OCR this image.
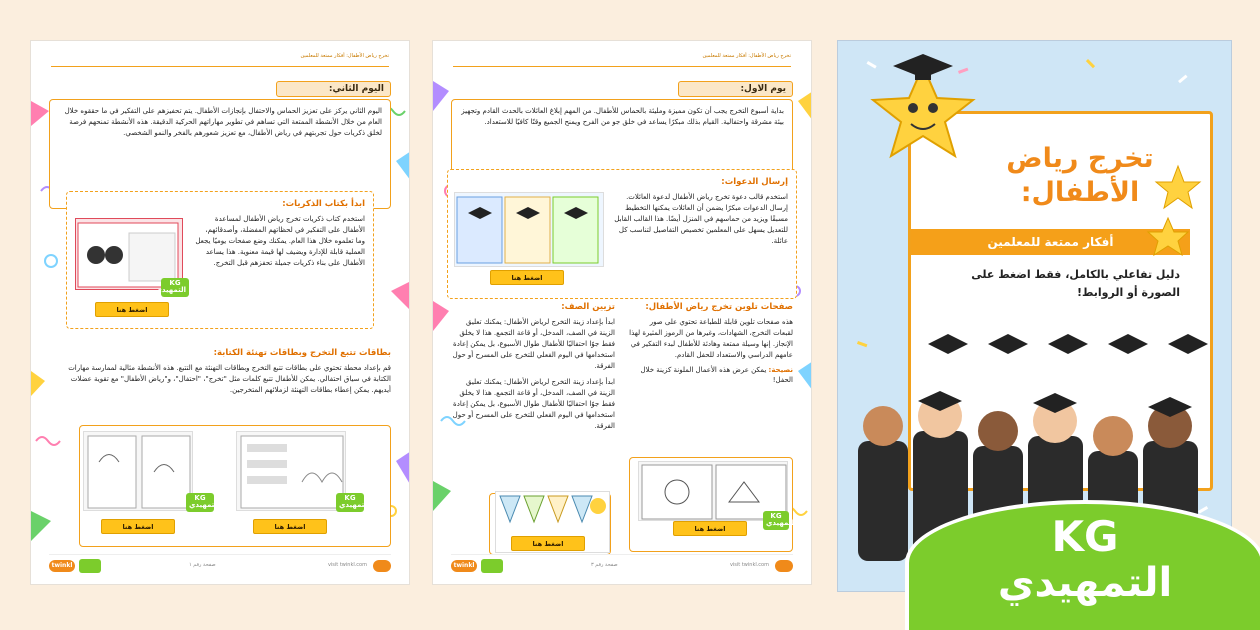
تخرج رياض الأطفال: أفكار ممتعة للمعلمين
اليوم الثاني:
اليوم الثاني يركز على تعزيز الحماس والاحتفال بإنجازات الأطفال. يتم تحفيزهم على التفكير في ما حققوه خلال العام من خلال الأنشطة الممتعة التي تساهم في تطوير مهاراتهم الحركية الدقيقة. هذه الأنشطة تمنحهم فرصة لخلق ذكريات حول تجربتهم في رياض الأطفال، مع تعزيز شعورهم بالفخر والنمو الشخصي.
ابدأ بكتاب الذكريات:
استخدم كتاب ذكريات تخرج رياض الأطفال لمساعدة الأطفال على التفكير في لحظاتهم المفضلة، وأصدقائهم، وما تعلموه خلال هذا العام. يمكنك وضع صفحات يوميًا يجعل العملية قابلة للإدارة ويضيف لها قيمة معنوية. هذا يساعد الأطفال على بناء ذكريات جميلة تحفزهم قبل التخرج.
KG التمهيدي
اضغط هنا
بطاقات تتبع التخرج وبطاقات تهنئة الكتابة:
قم بإعداد محطة تحتوي على بطاقات تتبع التخرج وبطاقات التهنئة مع التتبع. هذه الأنشطة مثالية لممارسة مهارات الكتابة في سياق احتفالي. يمكن للأطفال تتبع كلمات مثل "تخرج"، "احتفال"، و"رياض الأطفال" مع تقوية عضلات أيديهم. يمكن إعطاء بطاقات التهنئة لزملائهم المتخرجين.
KG التمهيدي
KG التمهيدي
اضغط هنا	اضغط هنا
twinkl	صفحة رقم ١	visit twinkl.com
تخرج رياض الأطفال: أفكار ممتعة للمعلمين
يوم الاول:
بداية أسبوع التخرج يجب أن تكون مميزة ومليئة بالحماس للأطفال. من المهم إبلاغ العائلات بالحدث القادم وتجهيز بيئة مشرقة واحتفالية. القيام بذلك مبكرًا يساعد في خلق جو من الفرح ويمنح الجميع وقتًا كافيًا للاستعداد.
إرسال الدعوات:
استخدم قالب دعوة تخرج رياض الأطفال لدعوة العائلات. إرسال الدعوات مبكرًا يضمن أن العائلات يمكنها التخطيط مسبقًا ويزيد من حماسهم في المنزل أيضًا. هذا القالب القابل للتعديل يسهل على المعلمين تخصيص التفاصيل لتناسب كل عائلة.
اضغط هنا
صفحات تلوين تخرج رياض الأطفال:
هذه صفحات تلوين قابلة للطباعة تحتوي على صور لقبعات التخرج، الشهادات، وغيرها من الرموز المثيرة لهذا الإنجاز. إنها وسيلة ممتعة وهادئة للأطفال لبدء التفكير في عامهم الدراسي والاستعداد للحفل القادم.
نصيحة: يمكن عرض هذه الأعمال الملونة كزينة خلال الحفل!
تزيين الصف:
ابدأ بإعداد زينة التخرج لرياض الأطفال: يمكنك تعليق الزينة في الصف، المدخل، أو قاعة التجمع. هذا لا يخلق فقط جوًا احتفاليًا للأطفال طوال الأسبوع، بل يمكن إعادة استخدامها في اليوم الفعلي للتخرج على المسرح أو حول الفرقة.
ابدأ بإعداد زينة التخرج لرياض الأطفال: يمكنك تعليق الزينة في الصف، المدخل، أو قاعة التجمع. هذا لا يخلق فقط جوًا احتفاليًا للأطفال طوال الأسبوع، بل يمكن إعادة استخدامها في اليوم الفعلي للتخرج على المسرح أو حول الفرقة.
KG التمهيدي
اضغط هنا
اضغط هنا
twinkl	صفحة رقم ٣	visit twinkl.com
تخرج رياض
الأطفال:
أفكار ممتعة للمعلمين
دليل تفاعلي بالكامل، فقط اضغط على الصورة أو الروابط!
KG
التمهيدي
